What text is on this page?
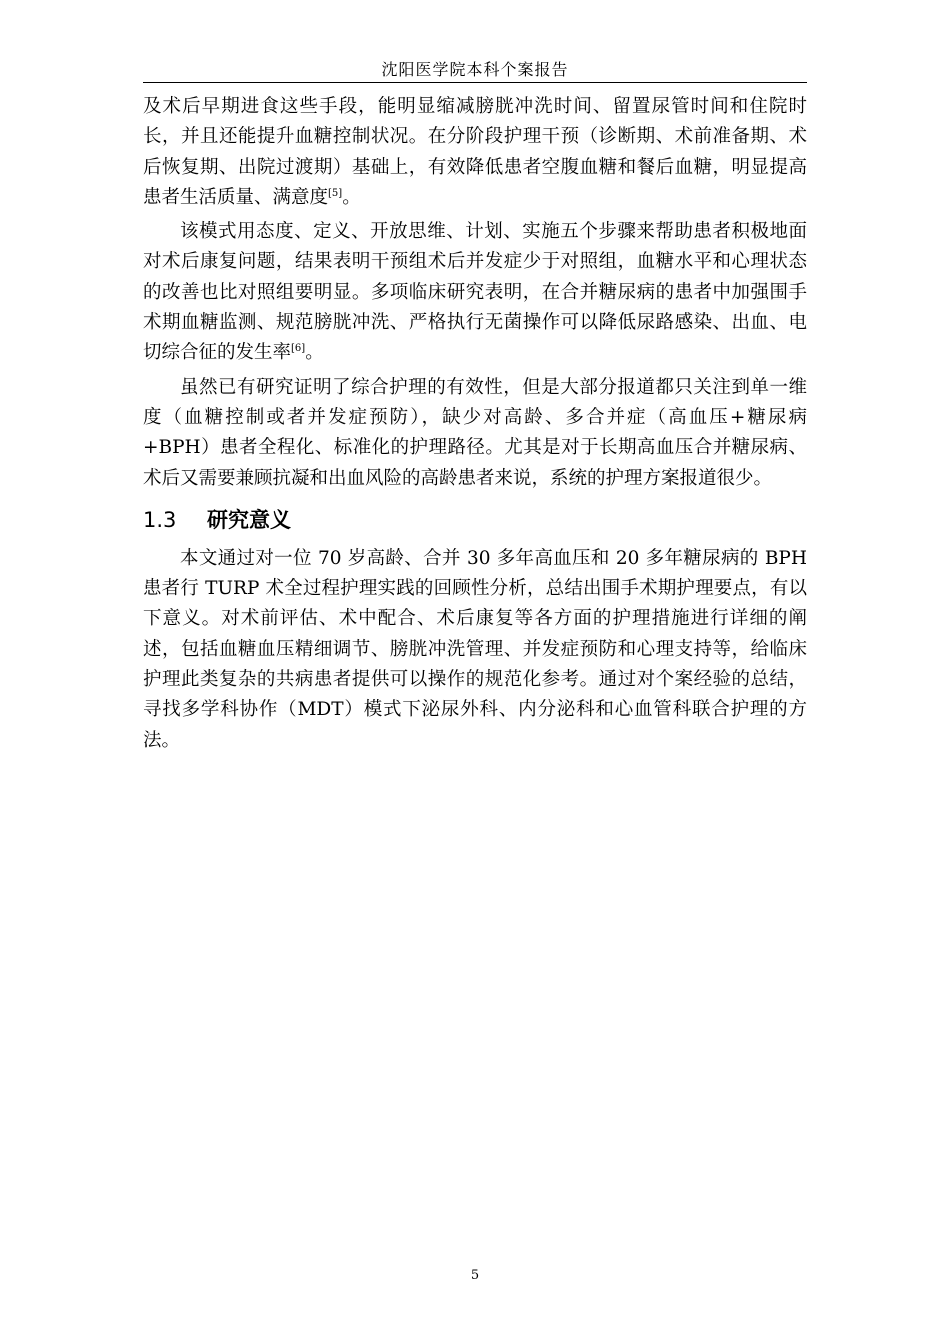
沈阳医学院本科个案报告

及术后早期进食这些手段，能明显缩减膀胱冲洗时间、留置尿管时间和住院时长，并且还能提升血糖控制状况。在分阶段护理干预（诊断期、术前准备期、术后恢复期、出院过渡期）基础上，有效降低患者空腹血糖和餐后血糖，明显提高患者生活质量、满意度[5]。

该模式用态度、定义、开放思维、计划、实施五个步骤来帮助患者积极地面对术后康复问题，结果表明干预组术后并发症少于对照组，血糖水平和心理状态的改善也比对照组要明显。多项临床研究表明，在合并糖尿病的患者中加强围手术期血糖监测、规范膀胱冲洗、严格执行无菌操作可以降低尿路感染、出血、电切综合征的发生率[6]。

虽然已有研究证明了综合护理的有效性，但是大部分报道都只关注到单一维度（血糖控制或者并发症预防），缺少对高龄、多合并症（高血压+糖尿病+BPH）患者全程化、标准化的护理路径。尤其是对于长期高血压合并糖尿病、术后又需要兼顾抗凝和出血风险的高龄患者来说，系统的护理方案报道很少。

1.3 研究意义

本文通过对一位 70 岁高龄、合并 30 多年高血压和 20 多年糖尿病的 BPH 患者行 TURP 术全过程护理实践的回顾性分析，总结出围手术期护理要点，有以下意义。对术前评估、术中配合、术后康复等各方面的护理措施进行详细的阐述，包括血糖血压精细调节、膀胱冲洗管理、并发症预防和心理支持等，给临床护理此类复杂的共病患者提供可以操作的规范化参考。通过对个案经验的总结，寻找多学科协作（MDT）模式下泌尿外科、内分泌科和心血管科联合护理的方法。

5
